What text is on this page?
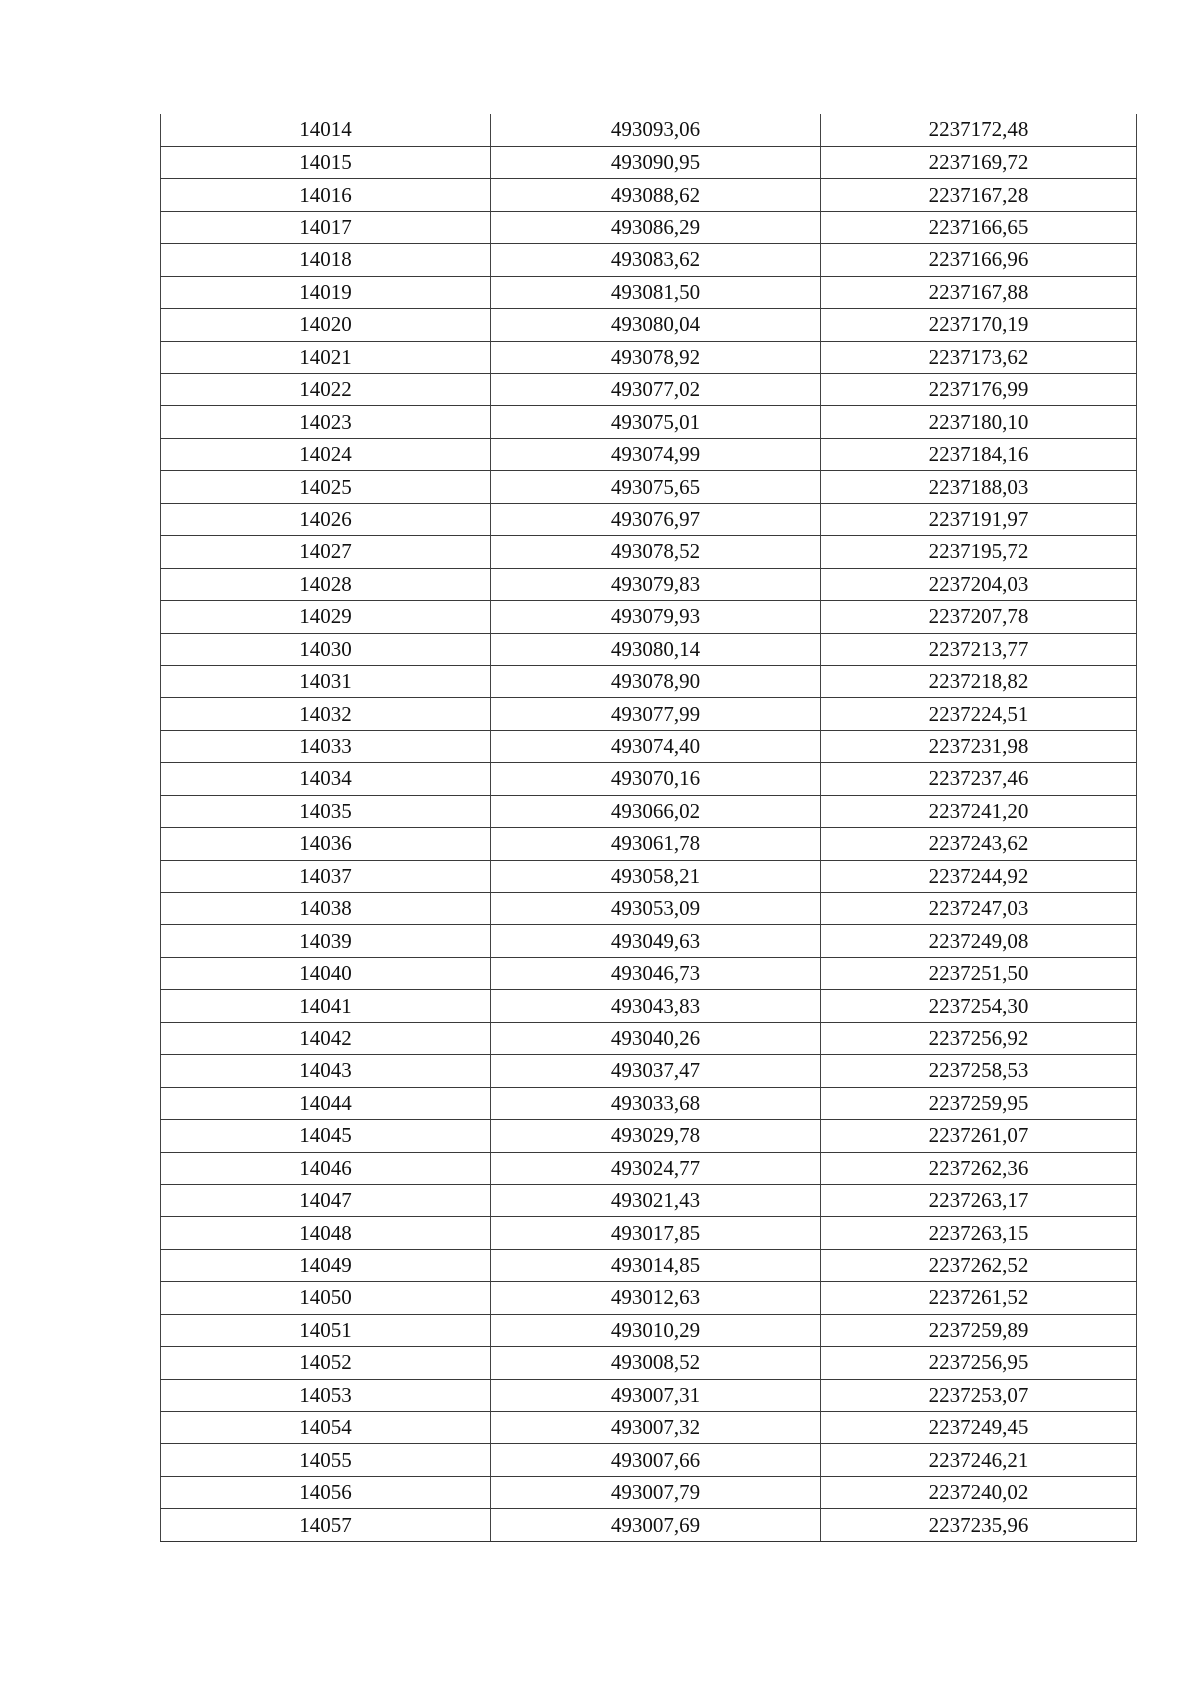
14014	493093,06	2237172,48
14015	493090,95	2237169,72
14016	493088,62	2237167,28
14017	493086,29	2237166,65
14018	493083,62	2237166,96
14019	493081,50	2237167,88
14020	493080,04	2237170,19
14021	493078,92	2237173,62
14022	493077,02	2237176,99
14023	493075,01	2237180,10
14024	493074,99	2237184,16
14025	493075,65	2237188,03
14026	493076,97	2237191,97
14027	493078,52	2237195,72
14028	493079,83	2237204,03
14029	493079,93	2237207,78
14030	493080,14	2237213,77
14031	493078,90	2237218,82
14032	493077,99	2237224,51
14033	493074,40	2237231,98
14034	493070,16	2237237,46
14035	493066,02	2237241,20
14036	493061,78	2237243,62
14037	493058,21	2237244,92
14038	493053,09	2237247,03
14039	493049,63	2237249,08
14040	493046,73	2237251,50
14041	493043,83	2237254,30
14042	493040,26	2237256,92
14043	493037,47	2237258,53
14044	493033,68	2237259,95
14045	493029,78	2237261,07
14046	493024,77	2237262,36
14047	493021,43	2237263,17
14048	493017,85	2237263,15
14049	493014,85	2237262,52
14050	493012,63	2237261,52
14051	493010,29	2237259,89
14052	493008,52	2237256,95
14053	493007,31	2237253,07
14054	493007,32	2237249,45
14055	493007,66	2237246,21
14056	493007,79	2237240,02
14057	493007,69	2237235,96
